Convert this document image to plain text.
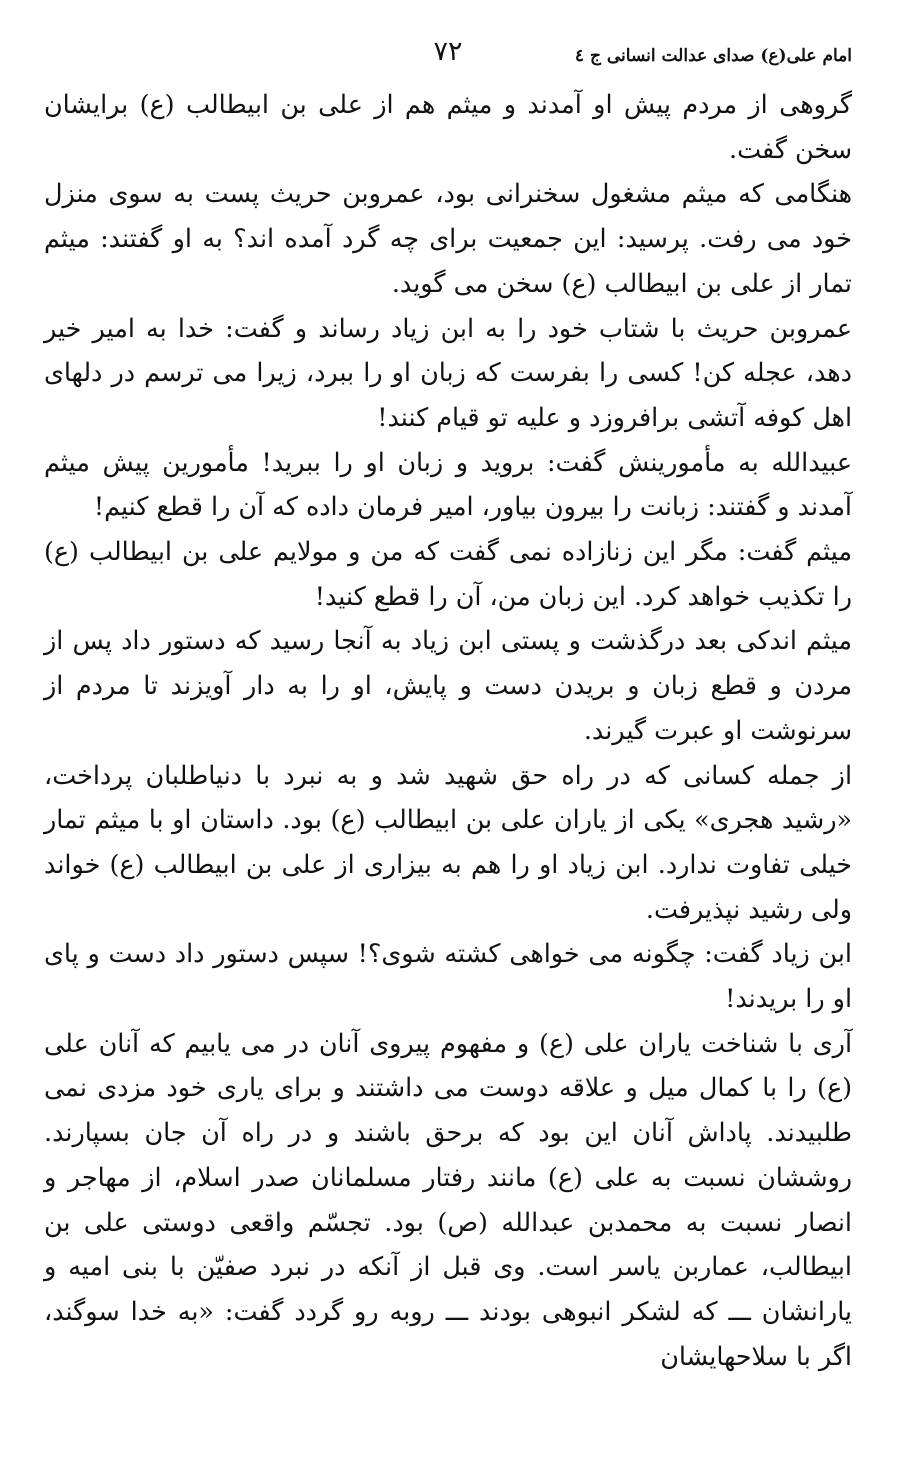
امام علی(ع) صدای عدالت انسانی ج ٤
٧٢

گروهی از مردم پیش او آمدند و میثم هم از علی بن ابیطالب (ع) برایشان سخن گفت.

هنگامی که میثم مشغول سخنرانی بود، عمروبن حریث پست به سوی منزل خود می رفت. پرسید: این جمعیت برای چه گرد آمده اند؟ به او گفتند: میثم تمار از علی بن ابیطالب (ع) سخن می گوید.

عمروبن حریث با شتاب خود را به ابن زیاد رساند و گفت: خدا به امیر خیر دهد، عجله کن! کسی را بفرست که زبان او را ببرد، زیرا می ترسم در دلهای اهل کوفه آتشی برافروزد و علیه تو قیام کنند!

عبیدالله به مأمورینش گفت: بروید و زبان او را ببرید! مأمورین پیش میثم آمدند و گفتند: زبانت را بیرون بیاور، امیر فرمان داده که آن را قطع کنیم!

میثم گفت: مگر این زنازاده نمی گفت که من و مولایم علی بن ابیطالب (ع) را تکذیب خواهد کرد. این زبان من، آن را قطع کنید!

میثم اندکی بعد درگذشت و پستی ابن زیاد به آنجا رسید که دستور داد پس از مردن و قطع زبان و بریدن دست و پایش، او را به دار آویزند تا مردم از سرنوشت او عبرت گیرند.

از جمله کسانی که در راه حق شهید شد و به نبرد با دنیاطلبان پرداخت، «رشید هجری» یکی از یاران علی بن ابیطالب (ع) بود. داستان او با میثم تمار خیلی تفاوت ندارد. ابن زیاد او را هم به بیزاری از علی بن ابیطالب (ع) خواند ولی رشید نپذیرفت.

ابن زیاد گفت: چگونه می خواهی کشته شوی؟! سپس دستور داد دست و پای او را بریدند!

آری با شناخت یاران علی (ع) و مفهوم پیروی آنان در می یابیم که آنان علی (ع) را با کمال میل و علاقه دوست می داشتند و برای یاری خود مزدی نمی طلبیدند. پاداش آنان این بود که برحق باشند و در راه آن جان بسپارند. روششان نسبت به علی (ع) مانند رفتار مسلمانان صدر اسلام، از مهاجر و انصار نسبت به محمدبن عبدالله (ص) بود. تجسّم واقعی دوستی علی بن ابیطالب، عماربن یاسر است. وی قبل از آنکه در نبرد صفیّن با بنی امیه و یارانشان ـــ که لشکر انبوهی بودند ـــ روبه رو گردد گفت: «به خدا سوگند، اگر با سلاحهایشان
